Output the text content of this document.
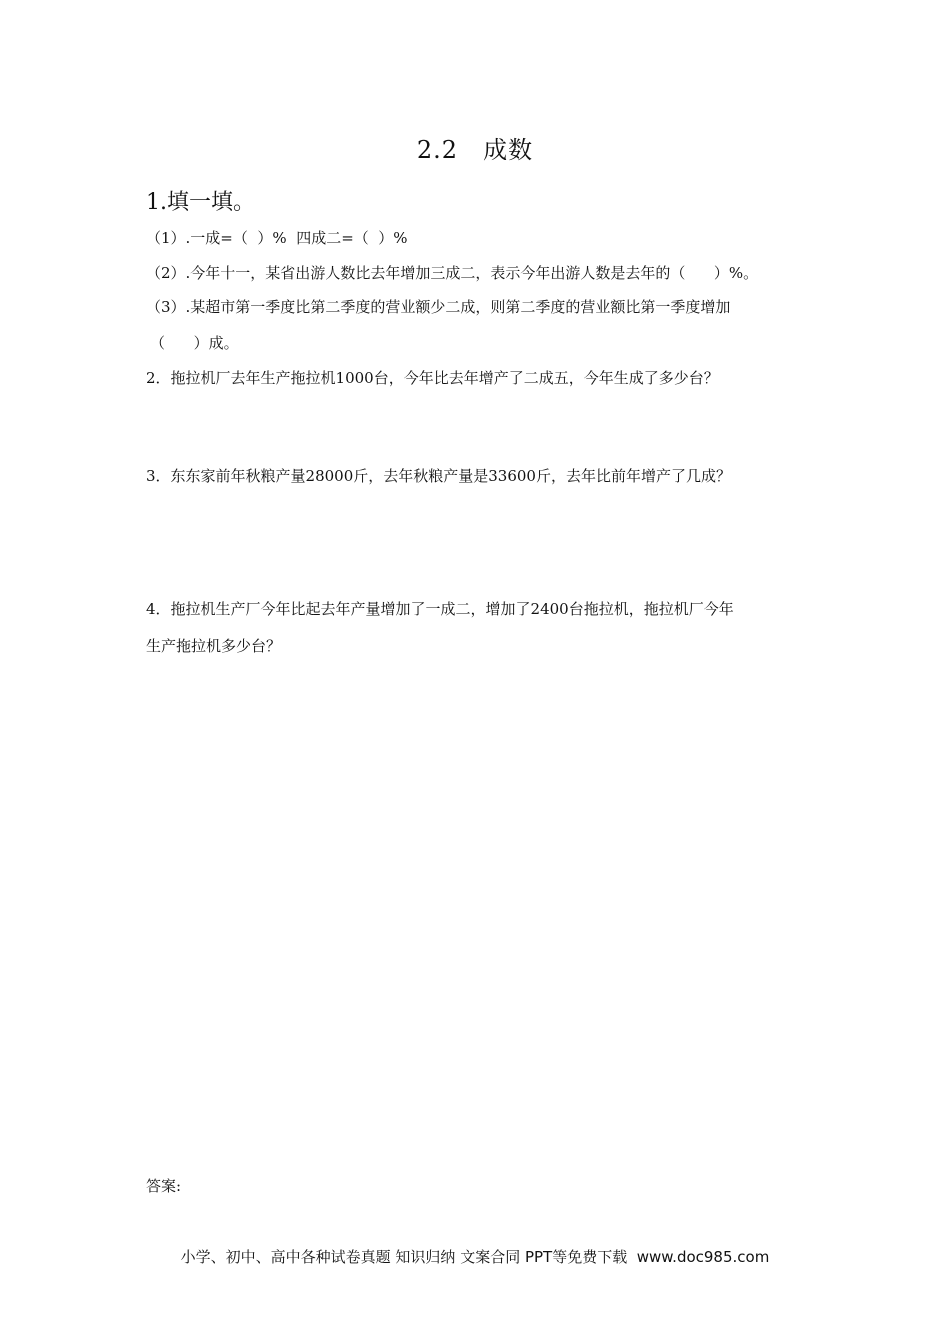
2.2　成数
1.填一填。
（1）.一成=（  ）%  四成二=（  ）%
（2）.今年十一，某省出游人数比去年增加三成二，表示今年出游人数是去年的（      ）%。
（3）.某超市第一季度比第二季度的营业额少二成，则第二季度的营业额比第一季度增加
（      ）成。
2．拖拉机厂去年生产拖拉机1000台，今年比去年增产了二成五，今年生成了多少台？
3．东东家前年秋粮产量28000斤，去年秋粮产量是33600斤，去年比前年增产了几成？
4．拖拉机生产厂今年比起去年产量增加了一成二，增加了2400台拖拉机，拖拉机厂今年
生产拖拉机多少台？
答案:
小学、初中、高中各种试卷真题 知识归纳 文案合同 PPT等免费下载  www.doc985.com
